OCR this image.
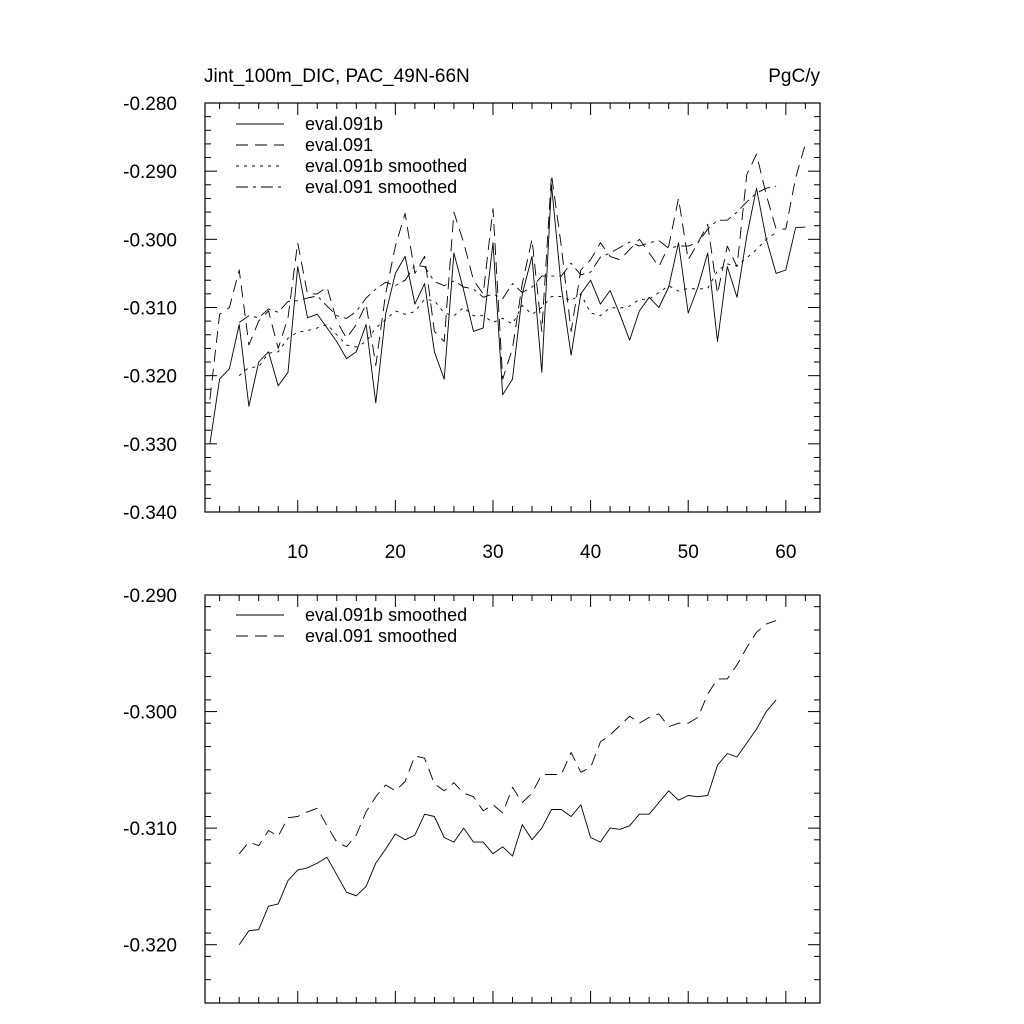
Jint_100m_DIC, PAC_49N-66N	PgC/y
-0.280
-0.290
-0.300
-0.310
-0.320
-0.330
-0.340
10	20	30	40	50	60
eval.091b
eval.091
eval.091b smoothed
eval.091 smoothed
-0.290
-0.300
-0.310
-0.320
eval.091b smoothed
eval.091 smoothed
